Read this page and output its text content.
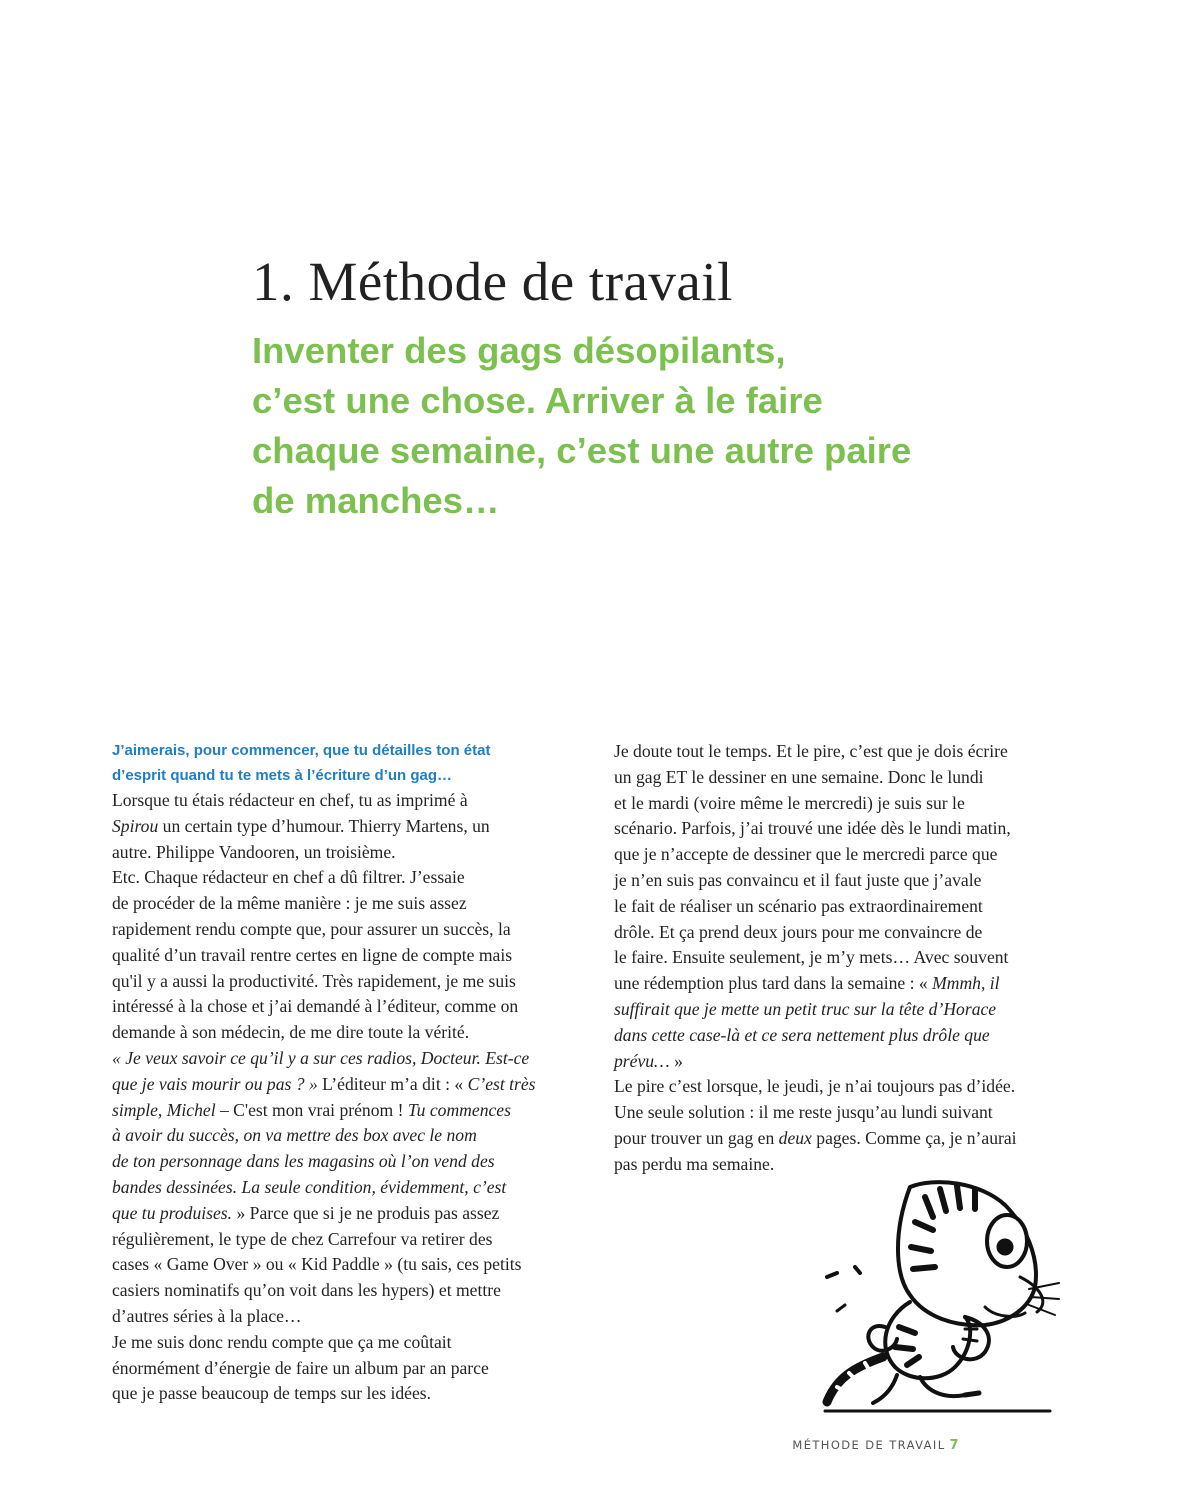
1. Méthode de travail
Inventer des gags désopilants,
c’est une chose. Arriver à le faire
chaque semaine, c’est une autre paire
de manches…
J’aimerais, pour commencer, que tu détailles ton état
d’esprit quand tu te mets à l’écriture d’un gag…
Lorsque tu étais rédacteur en chef, tu as imprimé à
Spirou un certain type d’humour. Thierry Martens, un
autre. Philippe Vandooren, un troisième.
Etc. Chaque rédacteur en chef a dû filtrer. J’essaie
de procéder de la même manière : je me suis assez
rapidement rendu compte que, pour assurer un succès, la
qualité d’un travail rentre certes en ligne de compte mais
qu'il y a aussi la productivité. Très rapidement, je me suis
intéressé à la chose et j’ai demandé à l’éditeur, comme on
demande à son médecin, de me dire toute la vérité.
« Je veux savoir ce qu’il y a sur ces radios, Docteur. Est-ce
que je vais mourir ou pas ? » L’éditeur m’a dit : « C’est très
simple, Michel – C'est mon vrai prénom ! Tu commences
à avoir du succès, on va mettre des box avec le nom
de ton personnage dans les magasins où l’on vend des
bandes dessinées. La seule condition, évidemment, c’est
que tu produises. » Parce que si je ne produis pas assez
régulièrement, le type de chez Carrefour va retirer des
cases « Game Over » ou « Kid Paddle » (tu sais, ces petits
casiers nominatifs qu’on voit dans les hypers) et mettre
d’autres séries à la place…
Je me suis donc rendu compte que ça me coûtait
énormément d’énergie de faire un album par an parce
que je passe beaucoup de temps sur les idées.
Je doute tout le temps. Et le pire, c’est que je dois écrire
un gag ET le dessiner en une semaine. Donc le lundi
et le mardi (voire même le mercredi) je suis sur le
scénario. Parfois, j’ai trouvé une idée dès le lundi matin,
que je n’accepte de dessiner que le mercredi parce que
je n’en suis pas convaincu et il faut juste que j’avale
le fait de réaliser un scénario pas extraordinairement
drôle. Et ça prend deux jours pour me convaincre de
le faire. Ensuite seulement, je m’y mets… Avec souvent
une rédemption plus tard dans la semaine : « Mmmh, il
suffirait que je mette un petit truc sur la tête d’Horace
dans cette case-là et ce sera nettement plus drôle que
prévu… »
Le pire c’est lorsque, le jeudi, je n’ai toujours pas d’idée.
Une seule solution : il me reste jusqu’au lundi suivant
pour trouver un gag en deux pages. Comme ça, je n’aurai
pas perdu ma semaine.
MÉTHODE DE TRAVAIL 7
